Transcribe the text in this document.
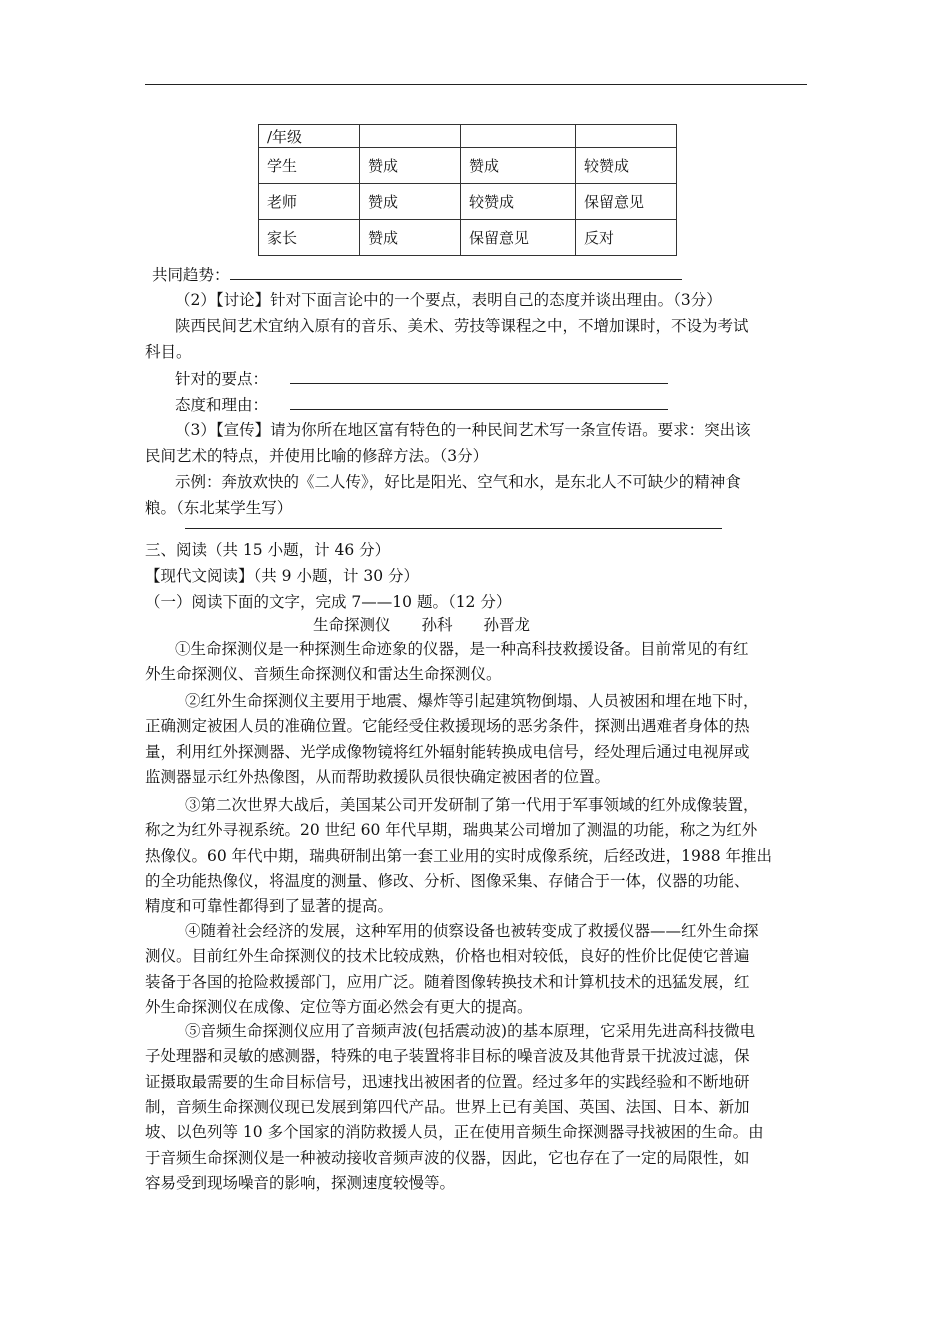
/年级			
学生	赞成	赞成	较赞成
老师	赞成	较赞成	保留意见
家长	赞成	保留意见	反对
共同趋势：
（2）【讨论】针对下面言论中的一个要点，表明自己的态度并谈出理由。（3分）
陕西民间艺术宜纳入原有的音乐、美术、劳技等课程之中，不增加课时，不设为考试
科目。
针对的要点：
态度和理由：
（3）【宣传】请为你所在地区富有特色的一种民间艺术写一条宣传语。要求：突出该
民间艺术的特点，并使用比喻的修辞方法。（3分）
示例：奔放欢快的《二人传》，好比是阳光、空气和水，是东北人不可缺少的精神食
粮。（东北某学生写）
三、阅读（共 15 小题，计 46 分）
【现代文阅读】（共 9 小题，计 30 分）
（一）阅读下面的文字，完成 7——10 题。（12 分）
生命探测仪　　孙科　　孙晋龙
①生命探测仪是一种探测生命迹象的仪器，是一种高科技救援设备。目前常见的有红
外生命探测仪、音频生命探测仪和雷达生命探测仪。
②红外生命探测仪主要用于地震、爆炸等引起建筑物倒塌、人员被困和埋在地下时，
正确测定被困人员的准确位置。它能经受住救援现场的恶劣条件，探测出遇难者身体的热
量，利用红外探测器、光学成像物镜将红外辐射能转换成电信号，经处理后通过电视屏或
监测器显示红外热像图，从而帮助救援队员很快确定被困者的位置。
③第二次世界大战后，美国某公司开发研制了第一代用于军事领域的红外成像装置，
称之为红外寻视系统。20 世纪 60 年代早期，瑞典某公司增加了测温的功能，称之为红外
热像仪。60 年代中期，瑞典研制出第一套工业用的实时成像系统，后经改进，1988 年推出
的全功能热像仪，将温度的测量、修改、分析、图像采集、存储合于一体，仪器的功能、
精度和可靠性都得到了显著的提高。
④随着社会经济的发展，这种军用的侦察设备也被转变成了救援仪器——红外生命探
测仪。目前红外生命探测仪的技术比较成熟，价格也相对较低，良好的性价比促使它普遍
装备于各国的抢险救援部门，应用广泛。随着图像转换技术和计算机技术的迅猛发展，红
外生命探测仪在成像、定位等方面必然会有更大的提高。
⑤音频生命探测仪应用了音频声波(包括震动波)的基本原理，它采用先进高科技微电
子处理器和灵敏的感测器，特殊的电子装置将非目标的噪音波及其他背景干扰波过滤，保
证摄取最需要的生命目标信号，迅速找出被困者的位置。经过多年的实践经验和不断地研
制，音频生命探测仪现已发展到第四代产品。世界上已有美国、英国、法国、日本、新加
坡、以色列等 10 多个国家的消防救援人员，正在使用音频生命探测器寻找被困的生命。由
于音频生命探测仪是一种被动接收音频声波的仪器，因此，它也存在了一定的局限性，如
容易受到现场噪音的影响，探测速度较慢等。
